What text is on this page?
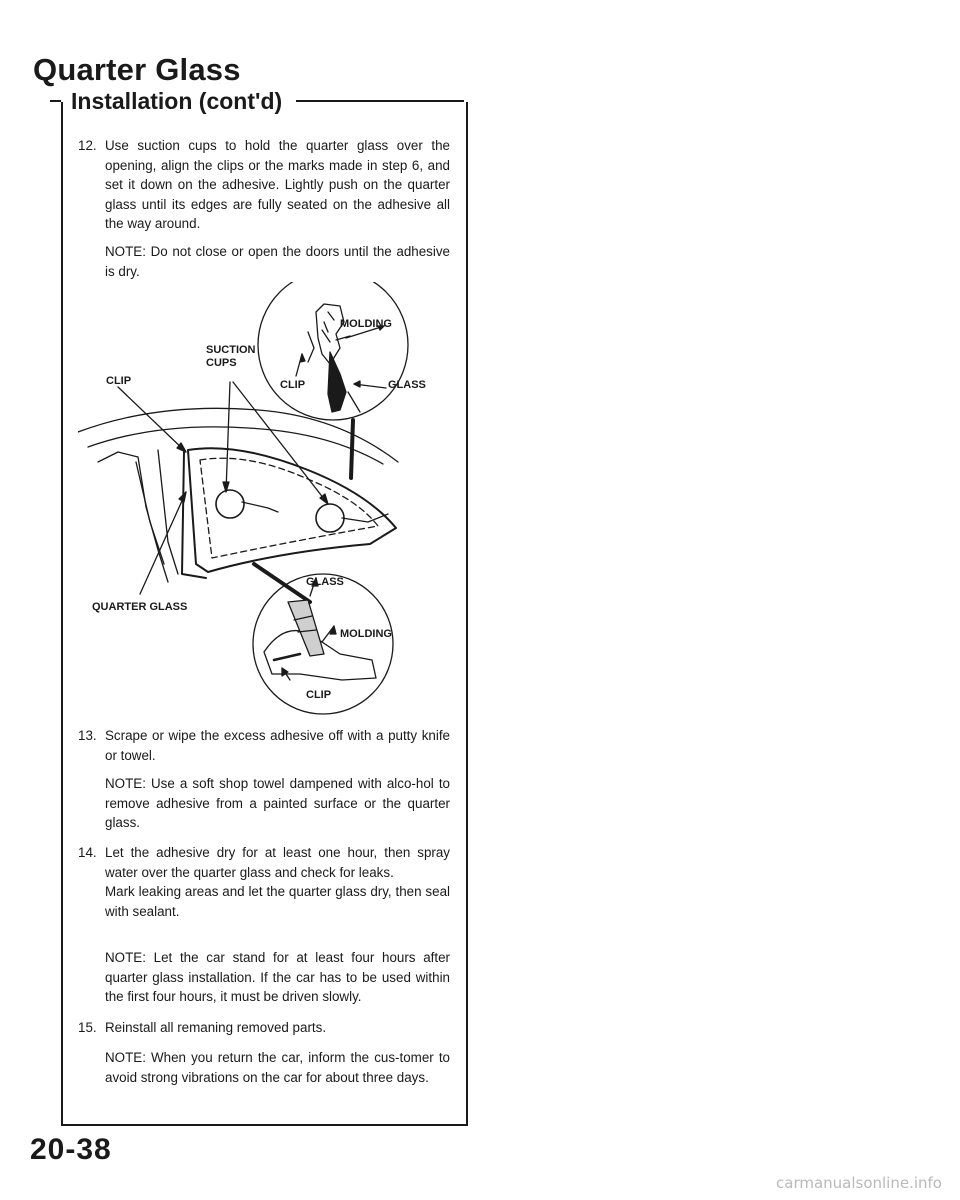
Quarter Glass
Installation (cont'd)
12. Use suction cups to hold the quarter glass over the opening, align the clips or the marks made in step 6, and set it down on the adhesive. Lightly push on the quarter glass until its edges are fully seated on the adhesive all the way around.

NOTE: Do not close or open the doors until the adhesive is dry.
13. Scrape or wipe the excess adhesive off with a putty knife or towel.

NOTE: Use a soft shop towel dampened with alco-hol to remove adhesive from a painted surface or the quarter glass.
14. Let the adhesive dry for at least one hour, then spray water over the quarter glass and check for leaks.

Mark leaking areas and let the quarter glass dry, then seal with sealant.

NOTE: Let the car stand for at least four hours after quarter glass installation. If the car has to be used within the first four hours, it must be driven slowly.
15. Reinstall all remaning removed parts.

NOTE: When you return the car, inform the cus-tomer to avoid strong vibrations on the car for about three days.
MOLDING
SUCTION
CUPS
CLIP	CLIP	GLASS
QUARTER GLASS
GLASS
MOLDING
CLIP
20-38
carmanualsonline.info
